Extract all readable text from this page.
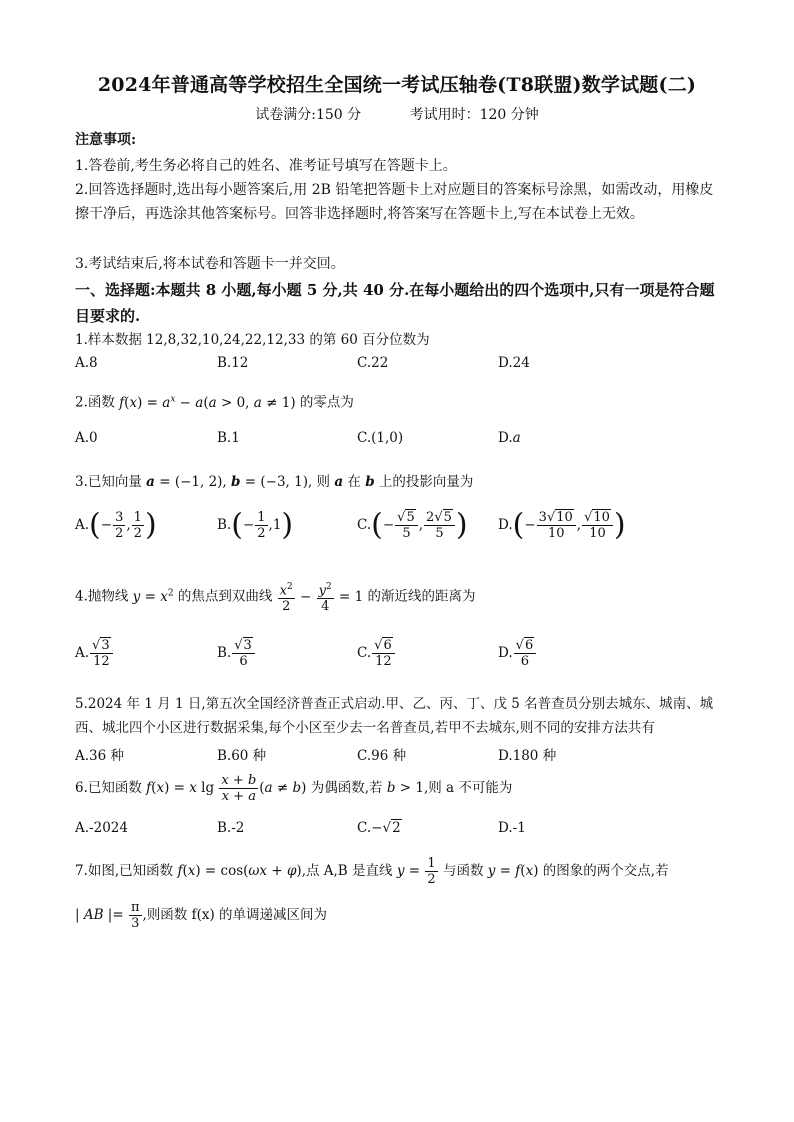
2024年普通高等学校招生全国统一考试压轴卷(T8联盟)数学试题(二)
试卷满分:150 分	考试用时：120 分钟
注意事项:
1.答卷前,考生务必将自己的姓名、准考证号填写在答题卡上。
2.回答选择题时,选出每小题答案后,用 2B 铅笔把答题卡上对应题目的答案标号涂黑，如需改动，用橡皮擦干净后，再选涂其他答案标号。回答非选择题时,将答案写在答题卡上,写在本试卷上无效。
3.考试结束后,将本试卷和答题卡一并交回。
一、选择题:本题共 8 小题,每小题 5 分,共 40 分.在每小题给出的四个选项中,只有一项是符合题目要求的.
1.样本数据 12,8,32,10,24,22,12,33 的第 60 百分位数为
A.8	B.12	C.22	D.24
2.函数 $f(x) = a^x - a(a > 0$, a ≠ 1) 的零点为
A.0	B.1	C.(1,0)	D.a
3.已知向量 a = (−1, 2), b = (−3, 1), 则 a 在 b 上的投影向量为
$A.(- \frac{3}{2}$ , $\frac{1}{2}$ )	$B.(- \frac{1}{2} ,1)$	$C.(- \frac{√5}{5}$ , $\frac{2√5}{5}$ ) $D.(- \frac{3√10}{10}$ , $\frac{√10}{10}$ )
4.抛物线 $y = x^2$ 的焦点到双曲线 $\frac{x^2}{2} - \frac{y^2}{4} = 1$ 的渐近线的距离为
A. $\frac{√3}{12}$	B. $\frac{√3}{6}$	C. $\frac{√6}{12}$	D. $\frac{√6}{6}$
5.2024 年 1 月 1 日,第五次全国经济普查正式启动.甲、乙、丙、丁、戊 5 名普查员分别去城东、城南、城西、城北四个小区进行数据采集,每个小区至少去一名普查员,若甲不去城东,则不同的安排方法共有
A.36 种	B.60 种	C.96 种	D.180 种
6.已知函数 f(x) = x $\lg \frac{x + b}{x + a} (a \ne b)$ 为偶函数,若 b > 1,则 a 不可能为
A.-2024	B.-2	C.−√2	D.-1
7.如图,已知函数 f(x) = cos(ωx + φ),点 A,B 是直线 $y = \frac{1}{2}$ 与函数 y = f(x) 的图象的两个交点,若
| AB |= $\frac{\pi}{3}$ ,则函数 f(x) 的单调递减区间为
